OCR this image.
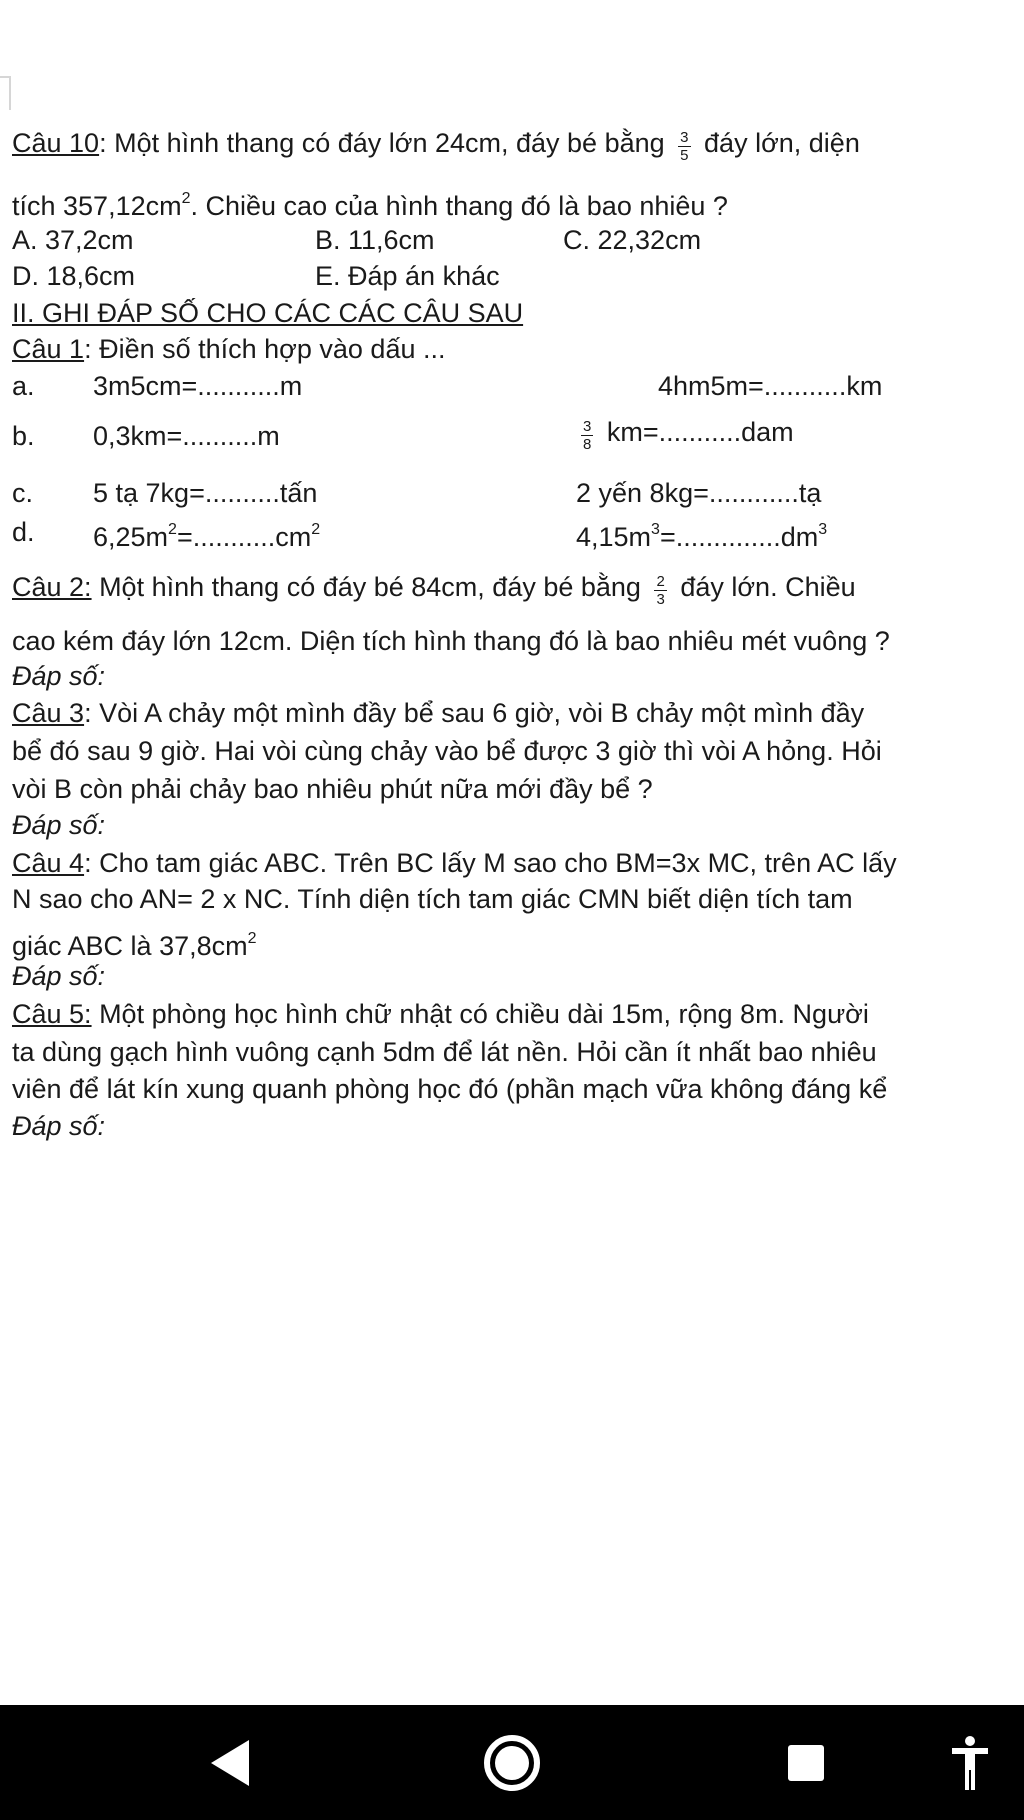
Câu 10: Một hình thang có đáy lớn 24cm, đáy bé bằng $\frac{3}{5}$ đáy lớn, diện
tích $357,12cm^2$. Chiều cao của hình thang đó là bao nhiêu ?
A. 37,2cm	B. 11,6cm	C. 22,32cm
D. 18,6cm	E. Đáp án khác
II. GHI ĐÁP SỐ CHO CÁC CÁC CÂU SAU
Câu 1: Điền số thích hợp vào dấu ...
a. 3m5cm=...........m	4hm5m=...........km
b. 0,3km=..........m	$\frac{3}{8} km=...........dam$
c. 5 tạ 7kg=..........tấn	2 yến 8kg=............tạ
d. $6,25m^2=...........cm^2$	$4,15m^3=..............dm^3$
Câu 2: Một hình thang có đáy bé 84cm, đáy bé bằng $\frac{2}{3}$ đáy lớn. Chiều
cao kém đáy lớn 12cm. Diện tích hình thang đó là bao nhiêu mét vuông ?
Đáp số:
Câu 3: Vòi A chảy một mình đầy bể sau 6 giờ, vòi B chảy một mình đầy
bể đó sau 9 giờ. Hai vòi cùng chảy vào bể được 3 giờ thì vòi A hỏng. Hỏi
vòi B còn phải chảy bao nhiêu phút nữa mới đầy bể ?
Đáp số:
Câu 4: Cho tam giác ABC. Trên BC lấy M sao cho BM=3x MC, trên AC lấy
N sao cho AN= 2 x NC. Tính diện tích tam giác CMN biết diện tích tam
giác ABC là $37,8cm^2$
Đáp số:
Câu 5: Một phòng học hình chữ nhật có chiều dài 15m, rộng 8m. Người
ta dùng gạch hình vuông cạnh 5dm để lát nền. Hỏi cần ít nhất bao nhiêu
viên để lát kín xung quanh phòng học đó (phần mạch vữa không đáng kể
Đáp số:
